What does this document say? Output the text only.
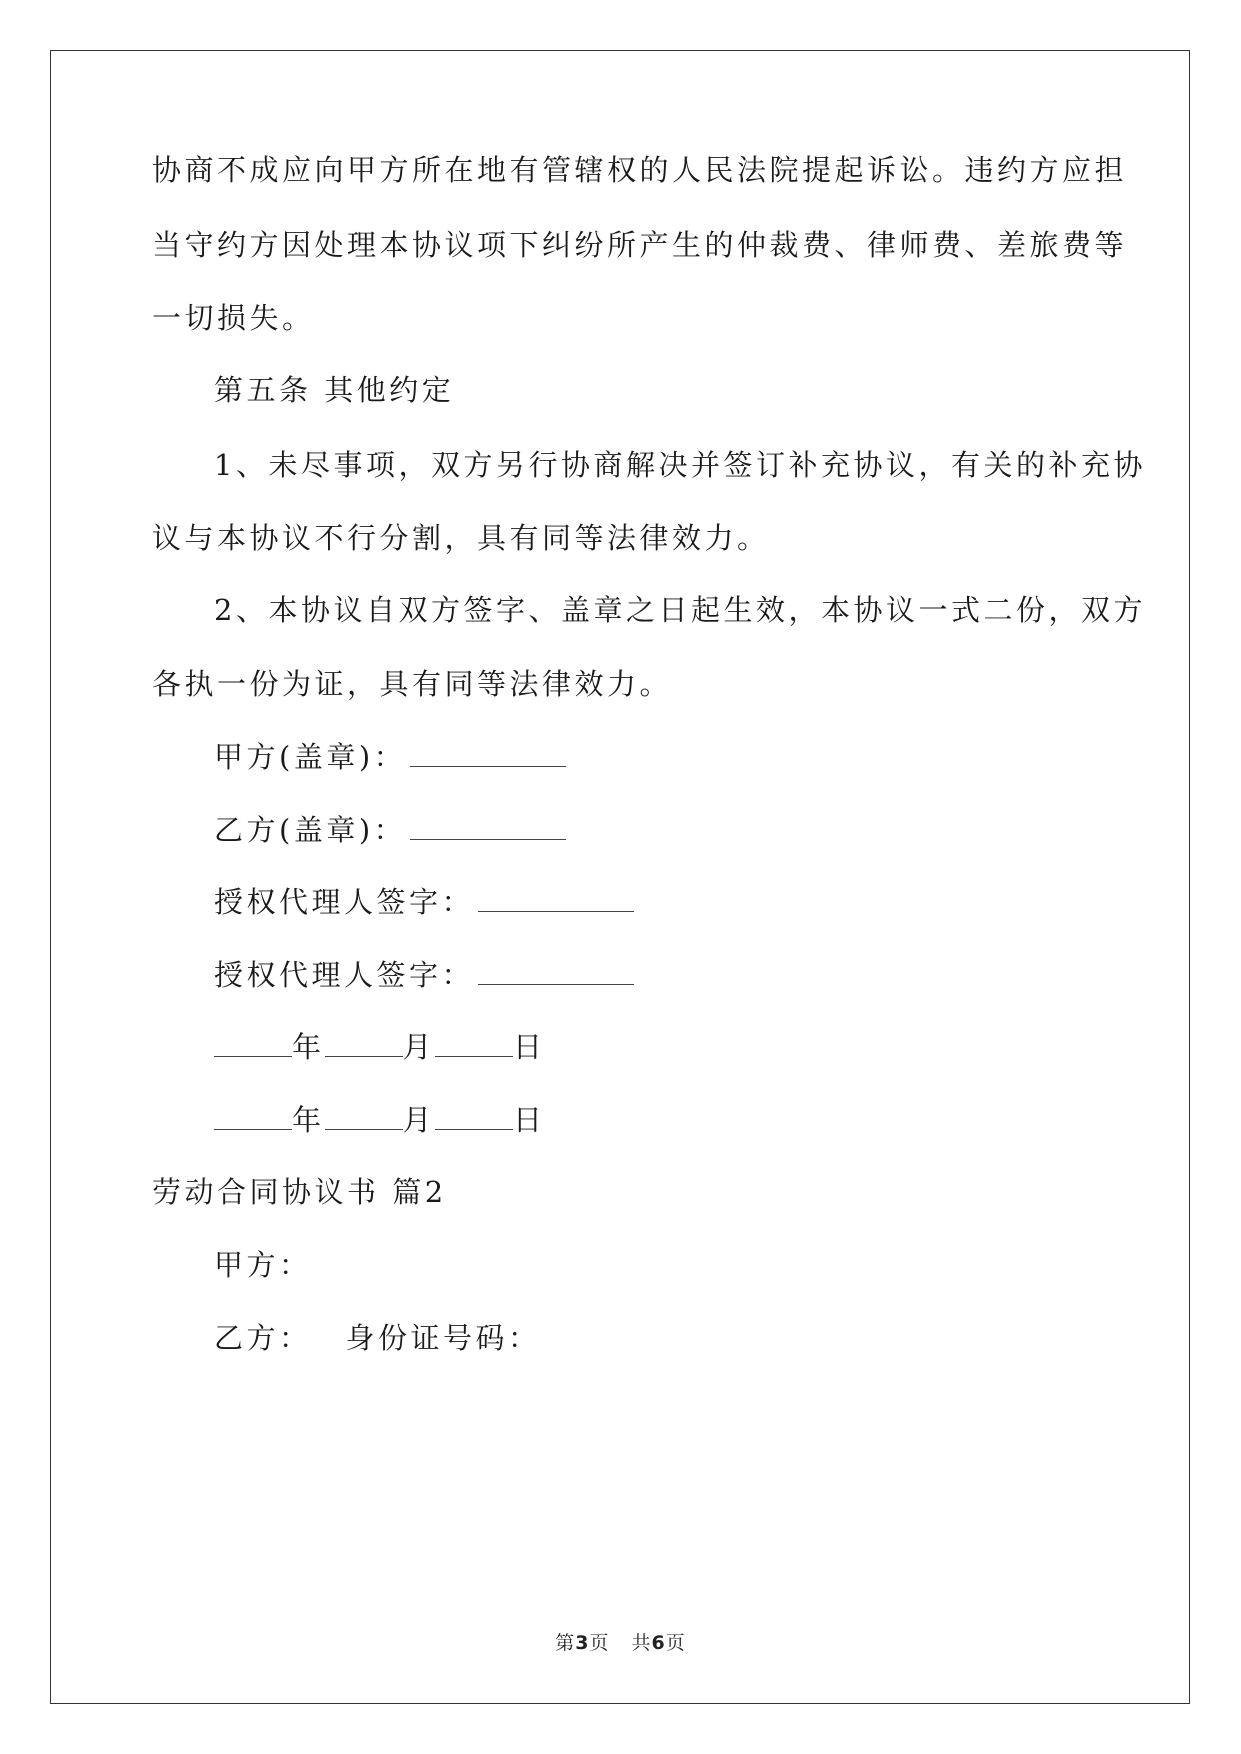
协商不成应向甲方所在地有管辖权的人民法院提起诉讼。违约方应担
当守约方因处理本协议项下纠纷所产生的仲裁费、律师费、差旅费等
一切损失。
第五条 其他约定
1、未尽事项，双方另行协商解决并签订补充协议，有关的补充协
议与本协议不行分割，具有同等法律效力。
2、本协议自双方签字、盖章之日起生效，本协议一式二份，双方
各执一份为证，具有同等法律效力。
甲方(盖章)：
乙方(盖章)：
授权代理人签字：
授权代理人签字：
年	月	日
年	月	日
劳动合同协议书 篇2
甲方：
乙方： 身份证号码：
第3页 共6页
